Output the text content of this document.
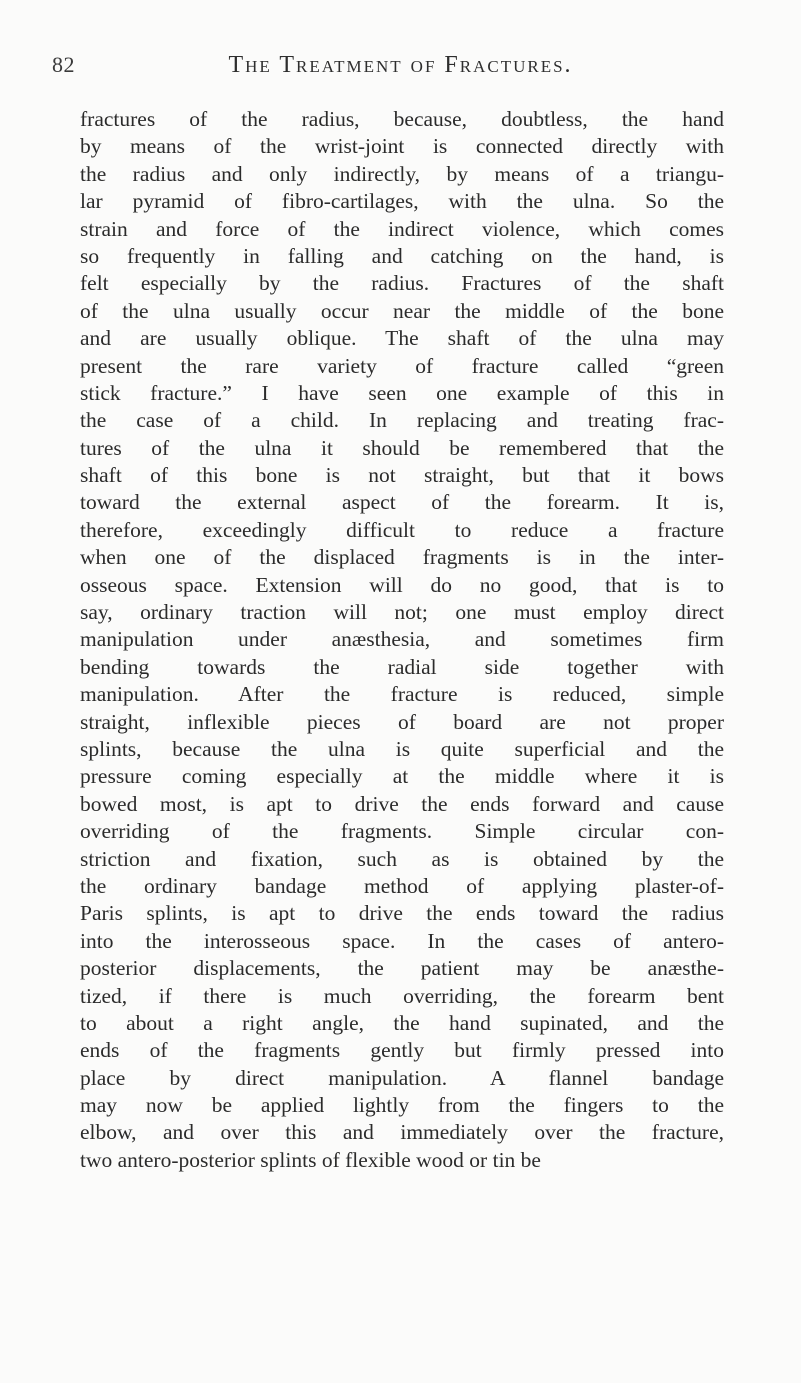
82	The Treatment of Fractures.
fractures of the radius, because, doubtless, the hand
by means of the wrist-joint is connected directly with
the radius and only indirectly, by means of a triangu-
lar pyramid of fibro-cartilages, with the ulna. So the
strain and force of the indirect violence, which comes
so frequently in falling and catching on the hand, is
felt especially by the radius. Fractures of the shaft
of the ulna usually occur near the middle of the bone
and are usually oblique. The shaft of the ulna may
present the rare variety of fracture called “green
stick fracture.” I have seen one example of this in
the case of a child. In replacing and treating frac-
tures of the ulna it should be remembered that the
shaft of this bone is not straight, but that it bows
toward the external aspect of the forearm. It is,
therefore, exceedingly difficult to reduce a fracture
when one of the displaced fragments is in the inter-
osseous space. Extension will do no good, that is to
say, ordinary traction will not; one must employ direct
manipulation under anæsthesia, and sometimes firm
bending towards the radial side together with
manipulation. After the fracture is reduced, simple
straight, inflexible pieces of board are not proper
splints, because the ulna is quite superficial and the
pressure coming especially at the middle where it is
bowed most, is apt to drive the ends forward and cause
overriding of the fragments. Simple circular con-
striction and fixation, such as is obtained by the
the ordinary bandage method of applying plaster-of-
Paris splints, is apt to drive the ends toward the radius
into the interosseous space. In the cases of antero-
posterior displacements, the patient may be anæsthe-
tized, if there is much overriding, the forearm bent
to about a right angle, the hand supinated, and the
ends of the fragments gently but firmly pressed into
place by direct manipulation. A flannel bandage
may now be applied lightly from the fingers to the
elbow, and over this and immediately over the fracture,
two antero-posterior splints of flexible wood or tin be
